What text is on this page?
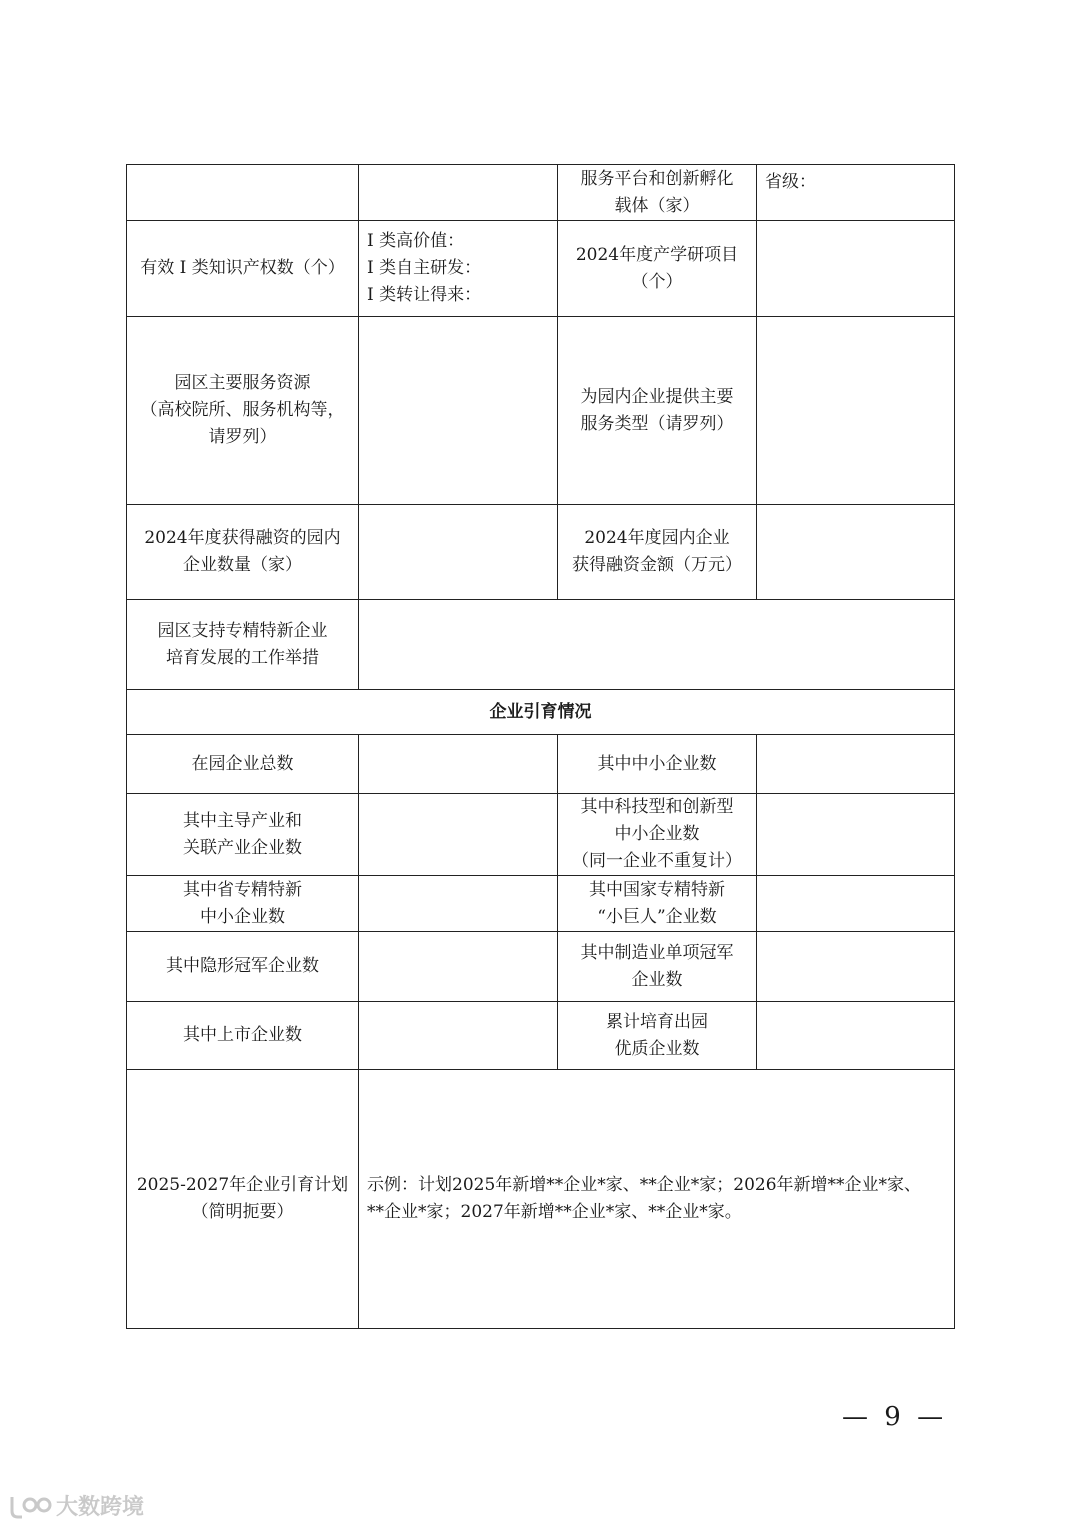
		服务平台和创新孵化
载体（家）	省级：
有效 I 类知识产权数（个）	I 类高价值：
I 类自主研发：
I 类转让得来：	2024年度产学研项目
（个）	

园区主要服务资源
（高校院所、服务机构等，
请罗列）		为园内企业提供主要
服务类型（请罗列）	

2024年度获得融资的园内
企业数量（家）		2024年度园内企业
获得融资金额（万元）	

园区支持专精特新企业
培育发展的工作举措			

企业引育情况			
在园企业总数		其中中小企业数	

其中主导产业和
关联产业企业数		其中科技型和创新型
中小企业数
（同一企业不重复计）	

其中省专精特新
中小企业数		其中国家专精特新
“小巨人”企业数	

其中隐形冠军企业数		其中制造业单项冠军
企业数	

其中上市企业数		累计培育出园
优质企业数	

2025-2027年企业引育计划
（简明扼要）	示例：计划2025年新增**企业*家、**企业*家；2026年新增**企业*家、
**企业*家；2027年新增**企业*家、**企业*家。		
— 9 —
大数跨境
